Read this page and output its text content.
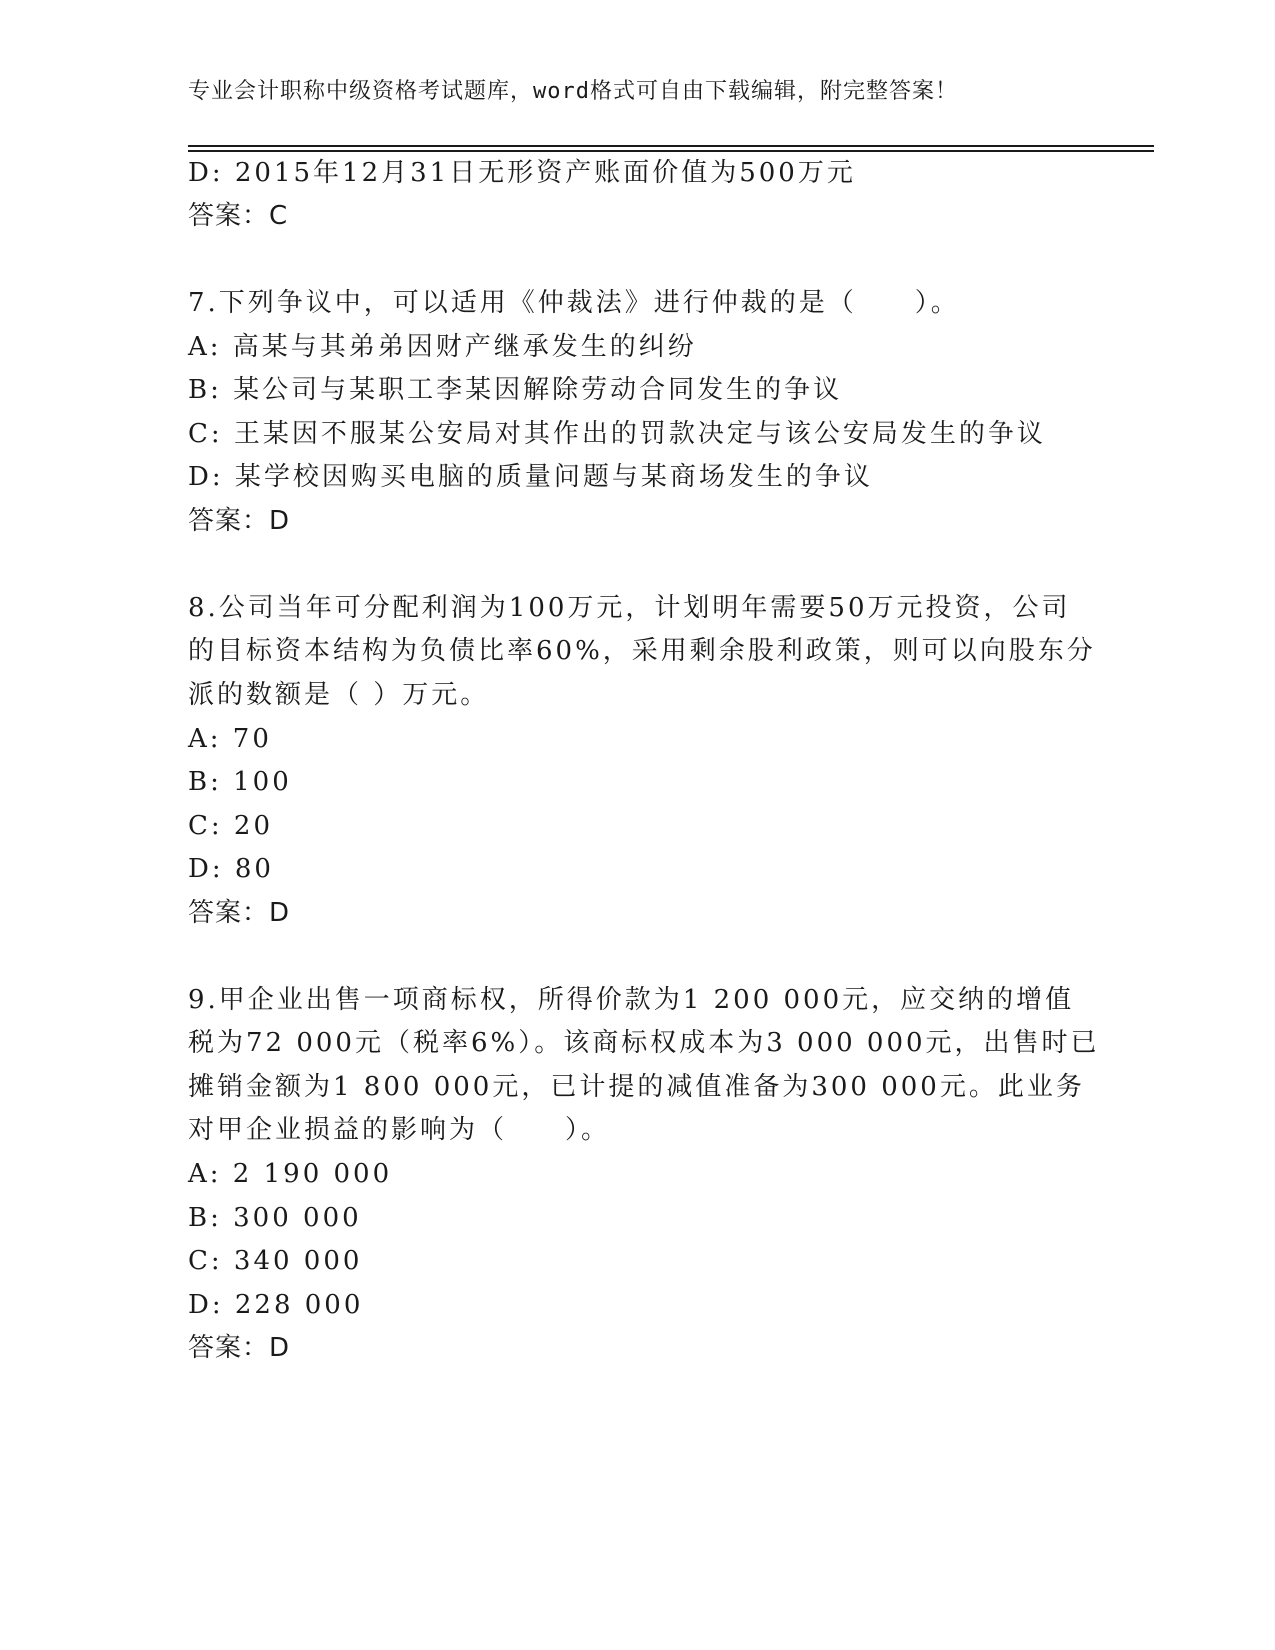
专业会计职称中级资格考试题库，word格式可自由下载编辑，附完整答案！
D: 2015年12月31日无形资产账面价值为500万元
答案：C
7.下列争议中，可以适用《仲裁法》进行仲裁的是（　　）。
A: 高某与其弟弟因财产继承发生的纠纷
B: 某公司与某职工李某因解除劳动合同发生的争议
C: 王某因不服某公安局对其作出的罚款决定与该公安局发生的争议
D: 某学校因购买电脑的质量问题与某商场发生的争议
答案：D
8.公司当年可分配利润为100万元，计划明年需要50万元投资，公司
的目标资本结构为负债比率60%，采用剩余股利政策，则可以向股东分
派的数额是（ ）万元。
A: 70
B: 100
C: 20
D: 80
答案：D
9.甲企业出售一项商标权，所得价款为1 200 000元，应交纳的增值
税为72 000元（税率6%）。该商标权成本为3 000 000元，出售时已
摊销金额为1 800 000元，已计提的减值准备为300 000元。此业务
对甲企业损益的影响为（　　）。
A: 2 190 000
B: 300 000
C: 340 000
D: 228 000
答案：D
